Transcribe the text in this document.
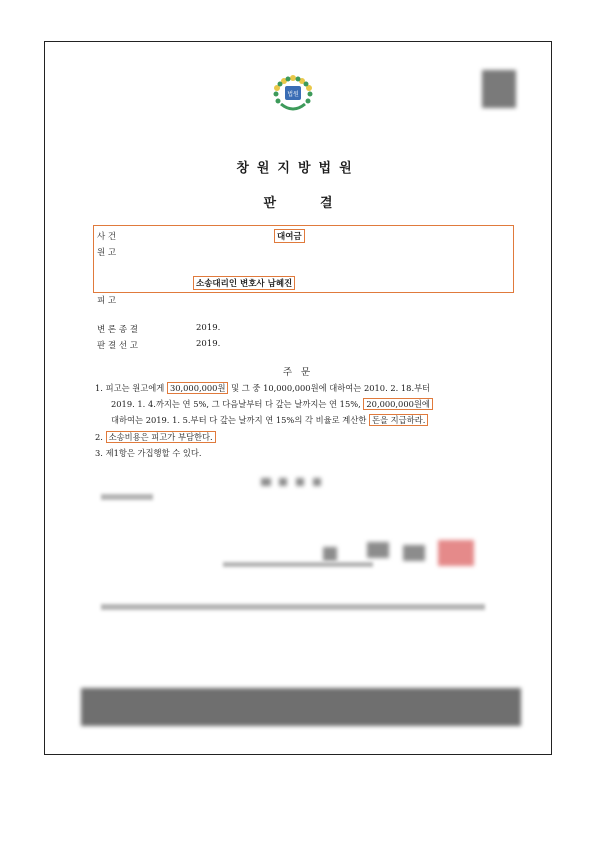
법원
창원지방법원
판	결
사 건	대여금
원 고
소송대리인 변호사 남혜진
피 고
변 론 종 결	2019.
판 결 선 고	2019.
주 문
1. 피고는 원고에게 30,000,000원 및 그 중 10,000,000원에 대하여는 2010. 2. 18.부터
2019. 1. 4.까지는 연 5%, 그 다음날부터 다 갚는 날까지는 연 15%, 20,000,000원에
대하여는 2019. 1. 5.부터 다 갚는 날까지 연 15%의 각 비율로 계산한 돈을 지급하라.
2. 소송비용은 피고가 부담한다.
3. 제1항은 가집행할 수 있다.
